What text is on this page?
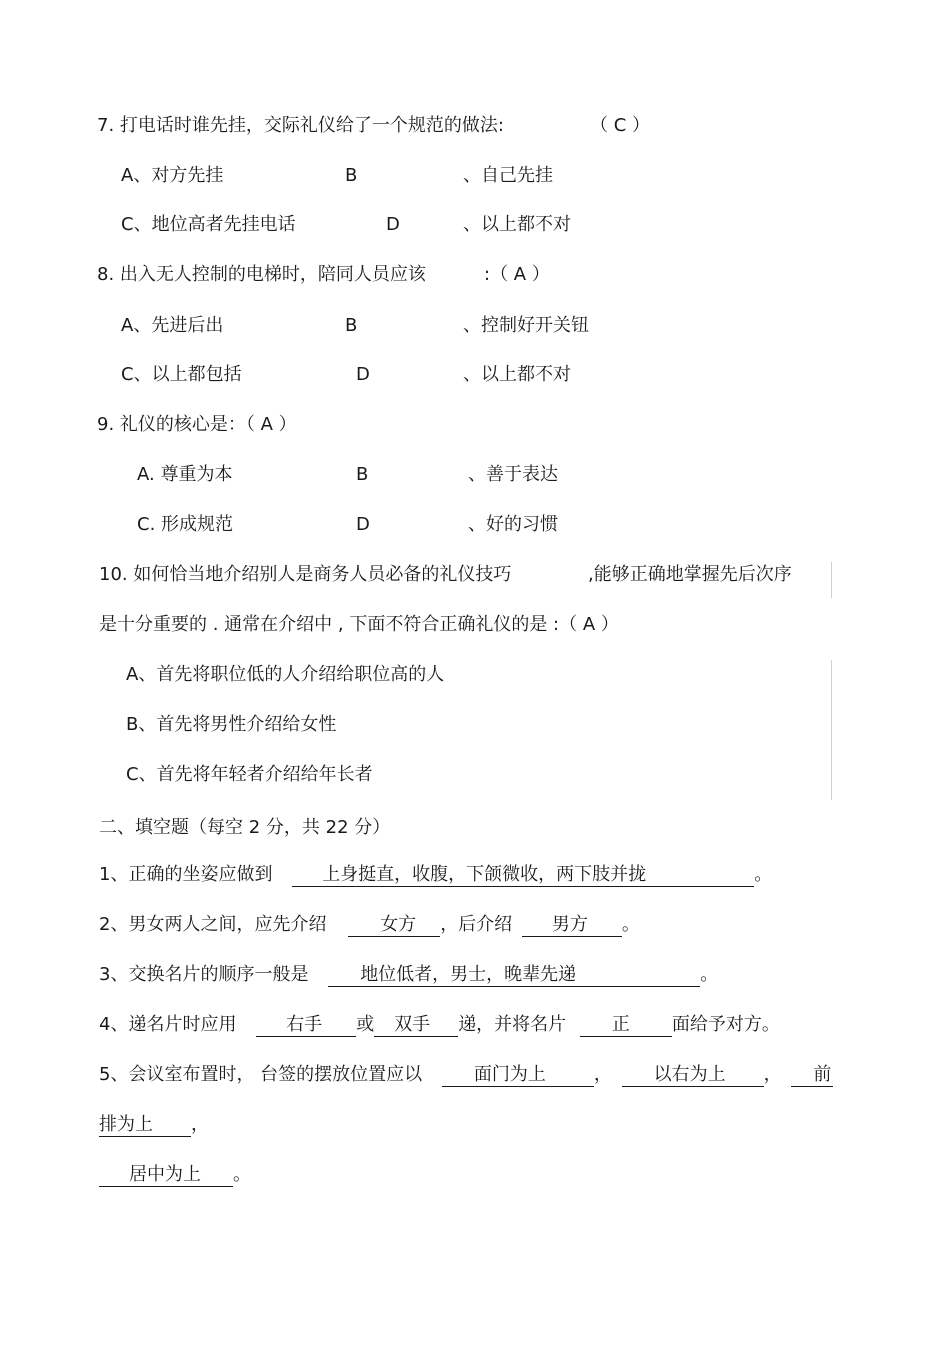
7. 打电话时谁先挂，交际礼仪给了一个规范的做法:	（ C ）
A、对方先挂	B	、自己先挂
C、地位高者先挂电话	D	、以上都不对
8. 出入无人控制的电梯时，陪同人员应该	:（ A ）
A、先进后出	B	、控制好开关钮
C、以上都包括	D	、以上都不对
9. 礼仪的核心是：（ A ）
A. 尊重为本	B	、善于表达
C. 形成规范	D	、好的习惯
10. 如何恰当地介绍别人是商务人员必备的礼仪技巧	,能够正确地掌握先后次序
是十分重要的 . 通常在介绍中 , 下面不符合正确礼仪的是 :（ A ）
A、首先将职位低的人介绍给职位高的人
B、首先将男性介绍给女性
C、首先将年轻者介绍给年长者
二、填空题（每空 2 分，共 22 分）
1、正确的坐姿应做到	上身挺直，收腹，下颌微收，两下肢并拢	。
2、男女两人之间，应先介绍	女方 ，后介绍 男方 。
3、交换名片的顺序一般是	地位低者，男士，晚辈先递	。
4、递名片时应用	右手 或 双手 递，并将名片	正 面给予对方。
5、会议室布置时， 台签的摆放位置应以	面门为上	， 以右为上 ， 前
排为上 ，
居中为上 。
